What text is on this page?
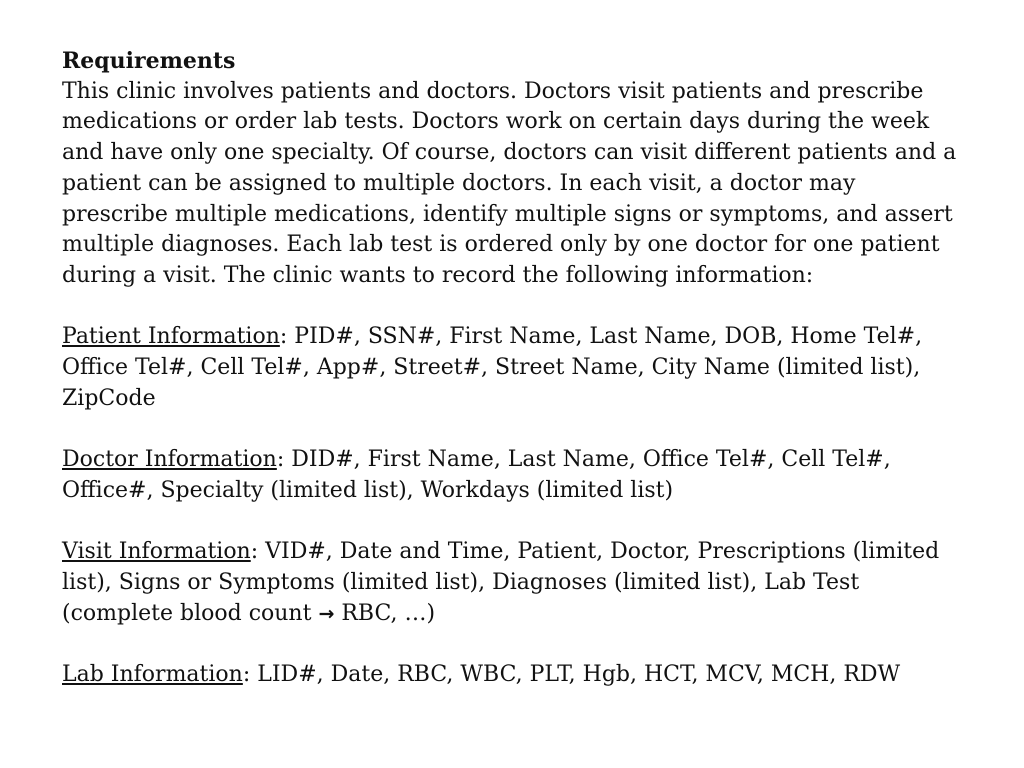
Requirements

This clinic involves patients and doctors. Doctors visit patients and prescribe medications or order lab tests. Doctors work on certain days during the week and have only one specialty. Of course, doctors can visit different patients and a patient can be assigned to multiple doctors. In each visit, a doctor may prescribe multiple medications, identify multiple signs or symptoms, and assert multiple diagnoses. Each lab test is ordered only by one doctor for one patient during a visit. The clinic wants to record the following information:

Patient Information: PID#, SSN#, First Name, Last Name, DOB, Home Tel#, Office Tel#, Cell Tel#, App#, Street#, Street Name, City Name (limited list), ZipCode

Doctor Information: DID#, First Name, Last Name, Office Tel#, Cell Tel#, Office#, Specialty (limited list), Workdays (limited list)

Visit Information: VID#, Date and Time, Patient, Doctor, Prescriptions (limited list), Signs or Symptoms (limited list), Diagnoses (limited list), Lab Test (complete blood count → RBC, …)

Lab Information: LID#, Date, RBC, WBC, PLT, Hgb, HCT, MCV, MCH, RDW
